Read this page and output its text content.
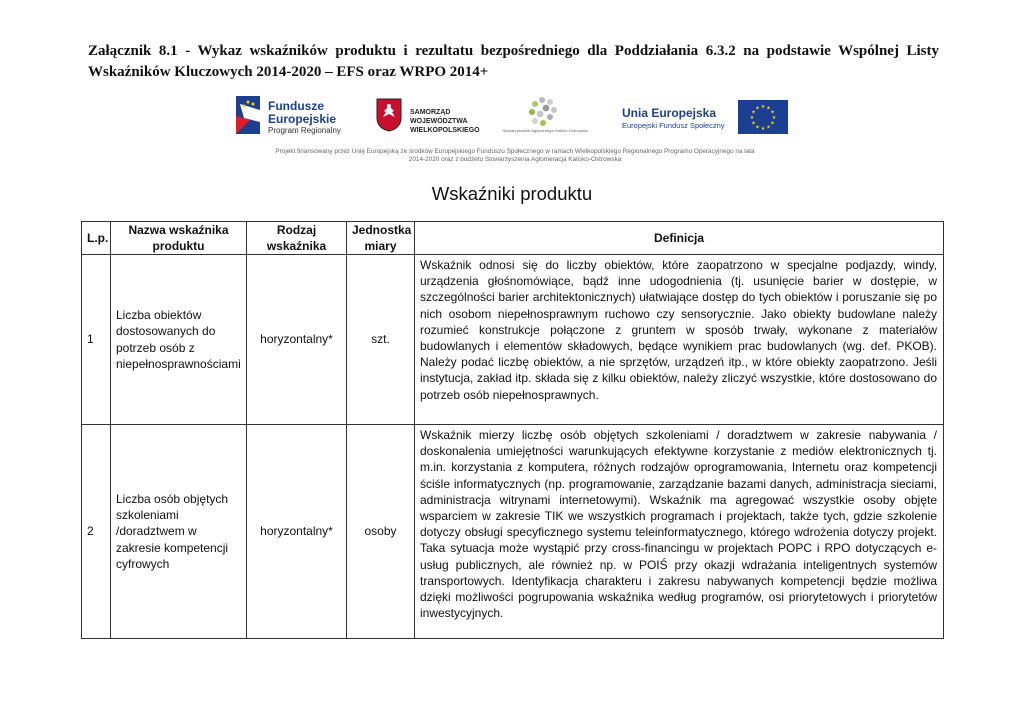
Załącznik 8.1 - Wykaz wskaźników produktu i rezultatu bezpośredniego dla Poddziałania 6.3.2 na podstawie Wspólnej Listy Wskaźników Kluczowych 2014-2020 – EFS oraz WRPO 2014+
Fundusze
Europejskie
Program Regionalny
SAMORZĄD WOJEWÓDZTWA WIELKOPOLSKIEGO	Stowarzyszenie Aglomeracja Kalisko-Ostrowska
Unia Europejska
Europejski Fundusz Społeczny
★ ★
★
★
★
★
★
★
★
★
★
★
Projekt finansowany przez Unię Europejską ze środków Europejskiego Funduszu Społecznego w ramach Wielkopolskiego Regionalnego Programu Operacyjnego na lata 2014-2020 oraz z budżetu Stowarzyszenia Aglomeracja Kalisko-Ostrowska
Wskaźniki produktu
L.p.	Nazwa wskaźnika produktu	Rodzaj wskaźnika	Jednostka miary	Definicja
1	Liczba obiektów dostosowanych do potrzeb osób z niepełnosprawnościami	horyzontalny*	szt.	Wskaźnik odnosi się do liczby obiektów, które zaopatrzono w specjalne podjazdy, windy, urządzenia głośnomówiące, bądź inne udogodnienia (tj. usunięcie barier w dostępie, w szczególności barier architektonicznych) ułatwiające dostęp do tych obiektów i poruszanie się po nich osobom niepełnosprawnym ruchowo czy sensorycznie. Jako obiekty budowlane należy rozumieć konstrukcje połączone z gruntem w sposób trwały, wykonane z materiałów budowlanych i elementów składowych, będące wynikiem prac budowlanych (wg. def. PKOB). Należy podać liczbę obiektów, a nie sprzętów, urządzeń itp., w które obiekty zaopatrzono. Jeśli instytucja, zakład itp. składa się z kilku obiektów, należy zliczyć wszystkie, które dostosowano do potrzeb osób niepełnosprawnych.
2	Liczba osób objętych szkoleniami /doradztwem w zakresie kompetencji cyfrowych	horyzontalny*	osoby	Wskaźnik mierzy liczbę osób objętych szkoleniami / doradztwem w zakresie nabywania / doskonalenia umiejętności warunkujących efektywne korzystanie z mediów elektronicznych tj. m.in. korzystania z komputera, różnych rodzajów oprogramowania, Internetu oraz kompetencji ściśle informatycznych (np. programowanie, zarządzanie bazami danych, administracja sieciami, administracja witrynami internetowymi). Wskaźnik ma agregować wszystkie osoby objęte wsparciem w zakresie TIK we wszystkich programach i projektach, także tych, gdzie szkolenie dotyczy obsługi specyficznego systemu teleinformatycznego, którego wdrożenia dotyczy projekt. Taka sytuacja może wystąpić przy cross-financingu w projektach POPC i RPO dotyczących e-usług publicznych, ale również np. w POIŚ przy okazji wdrażania inteligentnych systemów transportowych. Identyfikacja charakteru i zakresu nabywanych kompetencji będzie możliwa dzięki możliwości pogrupowania wskaźnika według programów, osi priorytetowych i priorytetów inwestycyjnych.
